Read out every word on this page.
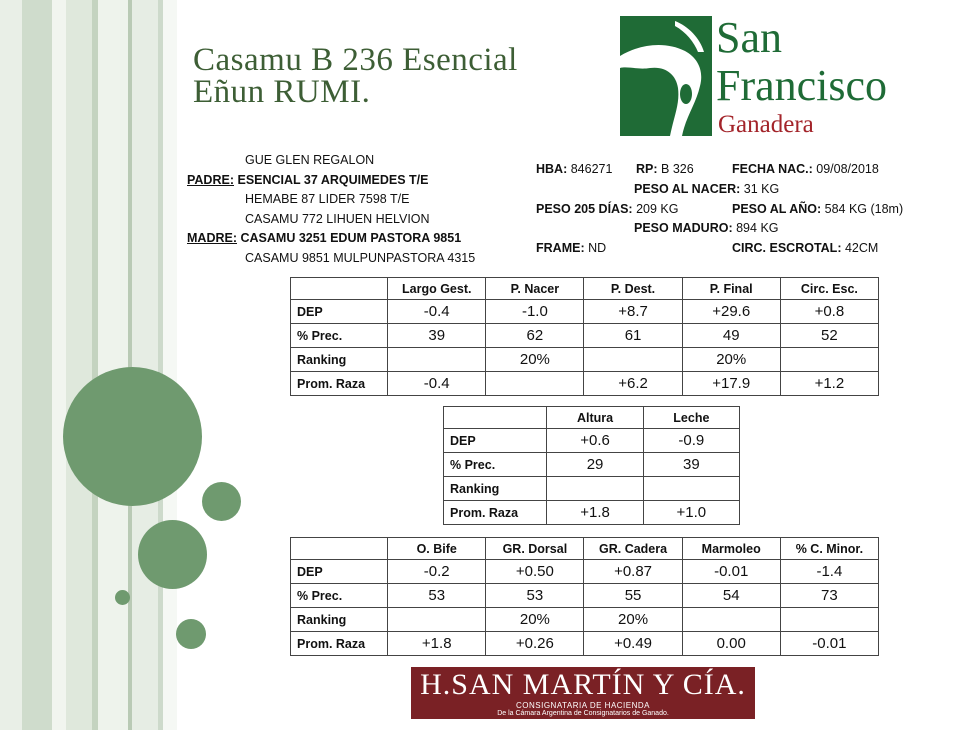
Casamu B 236 Esencial
Eñun RUMI.
San
Francisco
Ganadera
GUE GLEN REGALON
PADRE: ESENCIAL 37 ARQUIMEDES T/E
HEMABE 87 LIDER 7598 T/E
CASAMU 772 LIHUEN HELVION
MADRE: CASAMU 3251 EDUM PASTORA 9851
CASAMU 9851 MULPUNPASTORA 4315
HBA: 846271 RP: B 326	FECHA NAC.: 09/08/2018
PESO AL NACER: 31 KG
PESO 205 DÍAS: 209 KG	PESO AL AÑO: 584 KG (18m)
PESO MADURO: 894 KG
FRAME: ND	CIRC. ESCROTAL: 42CM
	Largo Gest.	P. Nacer	P. Dest.	P. Final	Circ. Esc.
DEP	-0.4	-1.0	+8.7	+29.6	+0.8
% Prec.	39	62	61	49	52
Ranking		20%		20%	
Prom. Raza	-0.4		+6.2	+17.9	+1.2
	Altura	Leche
DEP	+0.6	-0.9
% Prec.	29	39
Ranking		
Prom. Raza	+1.8	+1.0
	O. Bife	GR. Dorsal	GR. Cadera	Marmoleo	% C. Minor.
DEP	-0.2	+0.50	+0.87	-0.01	-1.4
% Prec.	53	53	55	54	73
Ranking		20%	20%		
Prom. Raza	+1.8	+0.26	+0.49	0.00	-0.01
H.SAN MARTÍN Y CÍA.
CONSIGNATARIA DE HACIENDA
De la Cámara Argentina de Consignatarios de Ganado.
